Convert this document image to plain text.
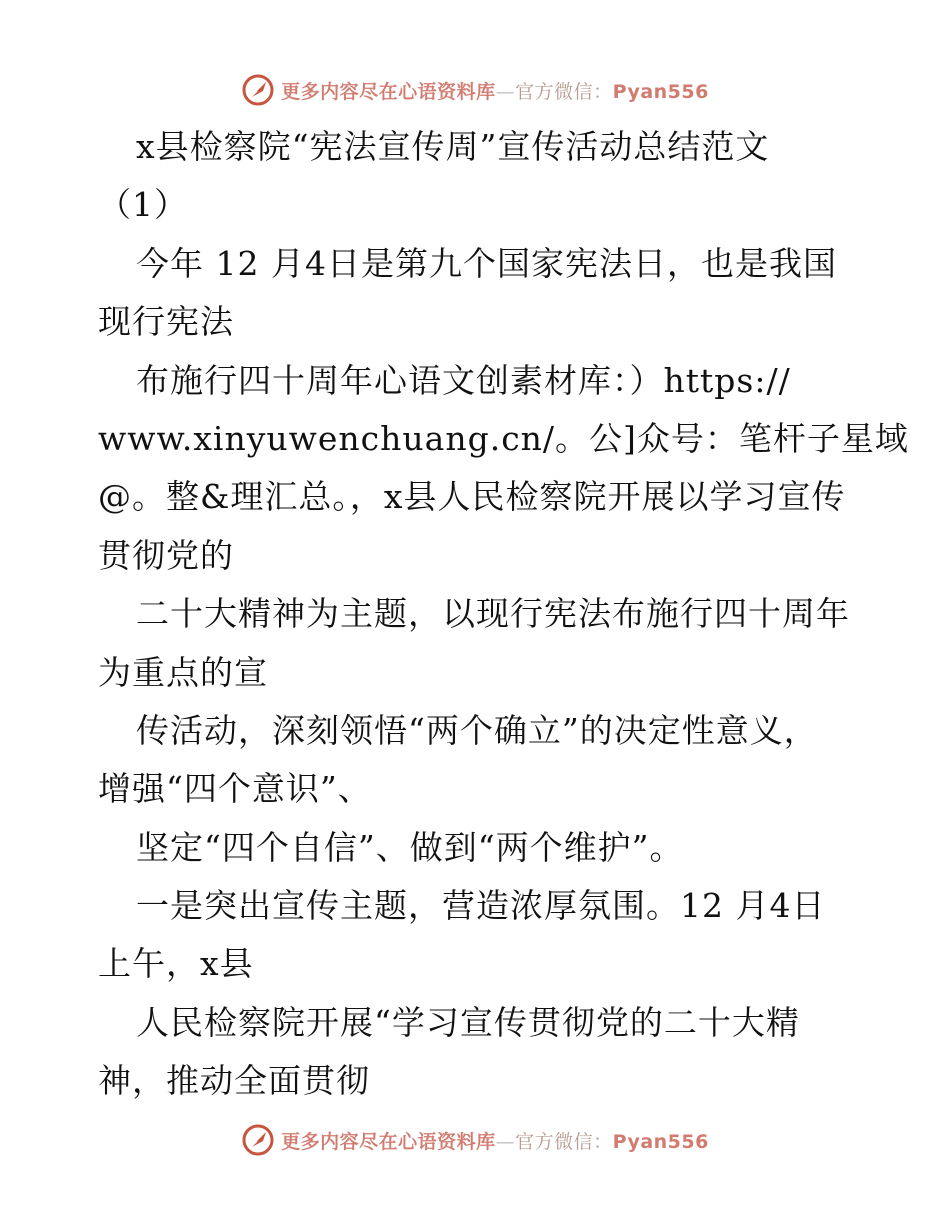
更多内容尽在心语资料库—官方微信：Pyan556
x县检察院“宪法宣传周”宣传活动总结范文
（1）
今年 12 月4日是第九个国家宪法日，也是我国
现行宪法
布施行四十周年心语文创素材库：）https://
www.xinyuwenchuang.cn/。公]众号：笔杆子星域
@。整&理汇总。，x县人民检察院开展以学习宣传
贯彻党的
二十大精神为主题，以现行宪法布施行四十周年
为重点的宣
传活动，深刻领悟“两个确立”的决定性意义，
增强“四个意识”、
坚定“四个自信”、做到“两个维护”。
一是突出宣传主题，营造浓厚氛围。12 月4日
上午，x县
人民检察院开展“学习宣传贯彻党的二十大精
神，推动全面贯彻
更多内容尽在心语资料库—官方微信：Pyan556
